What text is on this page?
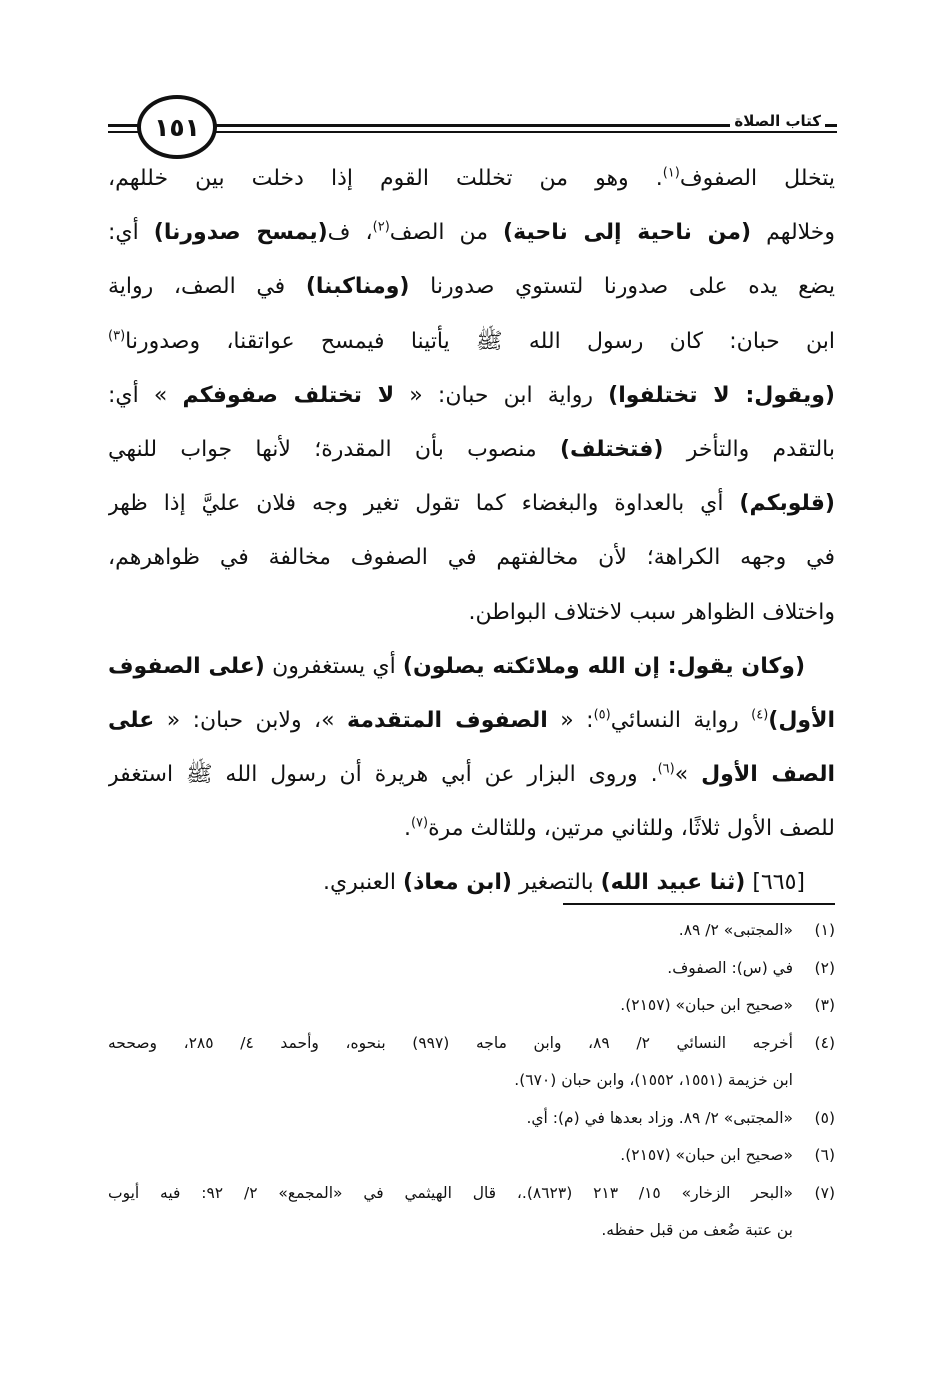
١٥١	كتاب الصلاة
يتخلل الصفوف$^{(١)}$. وهو من تخللت القوم إذا دخلت بين خللهم،
وخلالهم (من ناحية إلى ناحية) من الصف$^{(٢)}$، ف(يمسح صدورنا) أي:
يضع يده على صدورنا لتستوي صدورنا (ومناكبنا) في الصف، رواية
ابن حبان: كان رسول الله ﷺ يأتينا فيمسح عواتقنا، وصدورنا$^{(٣)}$
(ويقول: لا تختلفوا) رواية ابن حبان: « لا تختلف صفوفكم » أي:
بالتقدم والتأخر (فتختلف) منصوب بأن المقدرة؛ لأنها جواب للنهي
(قلوبكم) أي بالعداوة والبغضاء كما تقول تغير وجه فلان عليَّ إذا ظهر
في وجهه الكراهة؛ لأن مخالفتهم في الصفوف مخالفة في ظواهرهم،
واختلاف الظواهر سبب لاختلاف البواطن.
(وكان يقول: إن الله وملائكته يصلون) أي يستغفرون (على الصفوف
الأول)$^{(٤)}$ رواية النسائي$^{(٥)}$: « الصفوف المتقدمة »، ولابن حبان: « على
الصف الأول »$^{(٦)}$. وروى البزار عن أبي هريرة أن رسول الله ﷺ استغفر
للصف الأول ثلاثًا، وللثاني مرتين، وللثالث مرة$^{(٧)}$.
[٦٦٥] (ثنا عبيد الله) بالتصغير (ابن معاذ) العنبري.
(١)
«المجتبى» ٢/ ٨٩.
(٢)
في (س): الصفوف.
(٣)
«صحيح ابن حبان» (٢١٥٧).
(٤)
أخرجه النسائي ٢/ ٨٩، وابن ماجه (٩٩٧) بنحوه، وأحمد ٤/ ٢٨٥، وصححه
ابن خزيمة (١٥٥١، ١٥٥٢)، وابن حبان (٦٧٠).
(٥)
«المجتبى» ٢/ ٨٩. وزاد بعدها في (م): أي.
(٦)
«صحيح ابن حبان» (٢١٥٧).
(٧)
«البحر الزخار» ١٥/ ٢١٣ (٨٦٢٣).، قال الهيثمي في «المجمع» ٢/ ٩٢: فيه أيوب
بن عتبة ضُعف من قبل حفظه.
